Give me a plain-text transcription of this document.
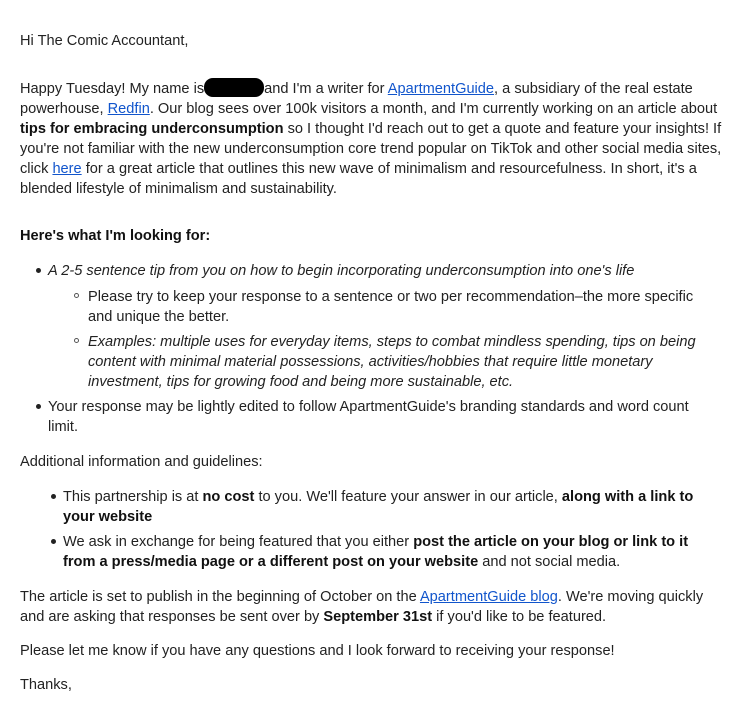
Hi The Comic Accountant,

Happy Tuesday! My name is	and I'm a writer for ApartmentGuide, a subsidiary of the real estate powerhouse, Redfin. Our blog sees over 100k visitors a month, and I'm currently working on an article about tips for embracing underconsumption so I thought I'd reach out to get a quote and feature your insights! If you're not familiar with the new underconsumption core trend popular on TikTok and other social media sites, click here for a great article that outlines this new wave of minimalism and resourcefulness. In short, it's a blended lifestyle of minimalism and sustainability.

Here's what I'm looking for:

A 2-5 sentence tip from you on how to begin incorporating underconsumption into one's life
Please try to keep your response to a sentence or two per recommendation–the more specific and unique the better.
Examples: multiple uses for everyday items, steps to combat mindless spending, tips on being content with minimal material possessions, activities/hobbies that require little monetary investment, tips for growing food and being more sustainable, etc.
Your response may be lightly edited to follow ApartmentGuide's branding standards and word count limit.

Additional information and guidelines:

This partnership is at no cost to you. We'll feature your answer in our article, along with a link to your website
We ask in exchange for being featured that you either post the article on your blog or link to it from a press/media page or a different post on your website and not social media.

The article is set to publish in the beginning of October on the ApartmentGuide blog. We're moving quickly and are asking that responses be sent over by September 31st if you'd like to be featured.

Please let me know if you have any questions and I look forward to receiving your response!

Thanks,
